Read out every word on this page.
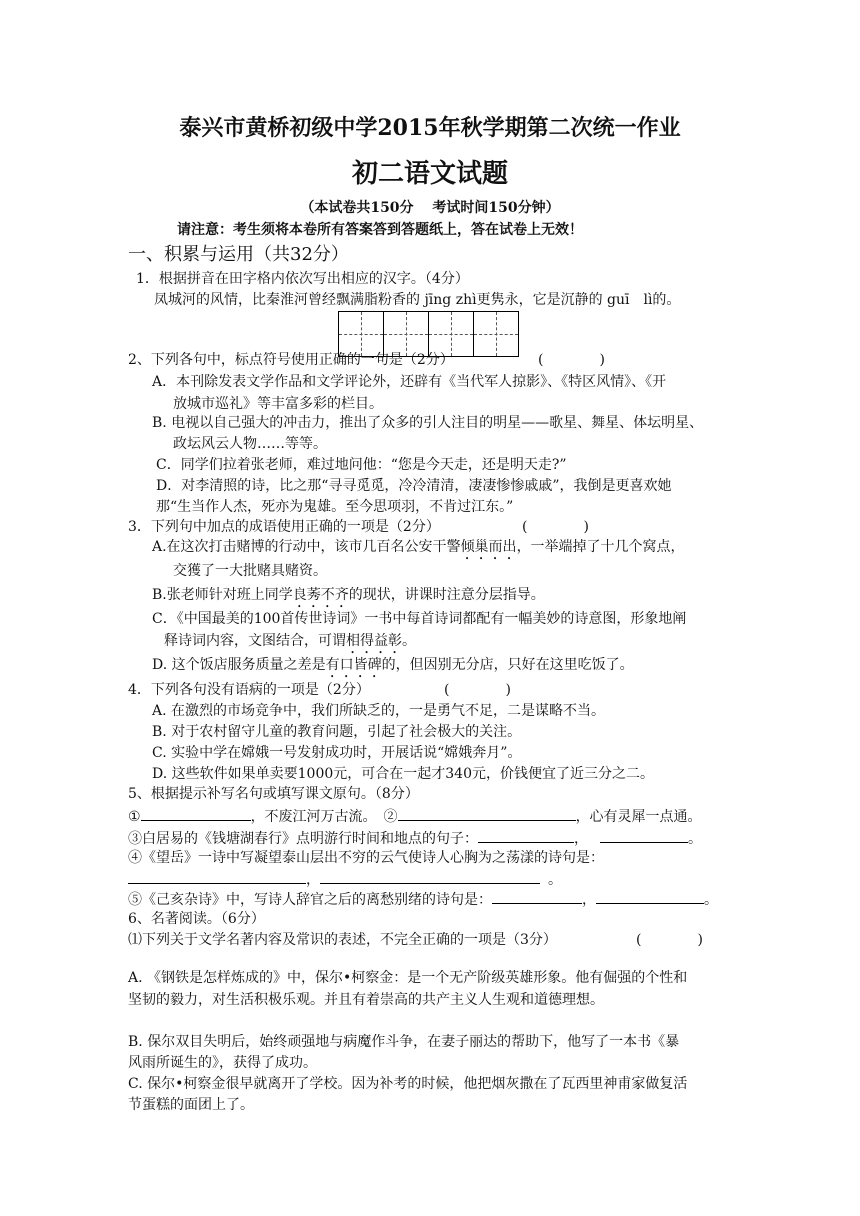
泰兴市黄桥初级中学2015年秋学期第二次统一作业
初二语文试题
（本试卷共150分　 考试时间150分钟）
请注意：考生须将本卷所有答案答到答题纸上，答在试卷上无效！
一、积累与运用（共32分）
1．根据拼音在田字格内依次写出相应的汉字。（4分）
凤城河的风情，比秦淮河曾经飘满脂粉香的 jīng zhì更隽永，它是沉静的 guī　lì的。
2、下列各句中，标点符号使用正确的一句是（2分）	(　　　　)
A．本刊除发表文学作品和文学评论外，还辟有《当代军人掠影》、《特区风情》、《开
放城市巡礼》等丰富多彩的栏目。
B. 电视以自己强大的冲击力，推出了众多的引人注目的明星——歌星、舞星、体坛明星、
政坛风云人物……等等。
C．同学们拉着张老师，难过地问他：“您是今天走，还是明天走?”
D．对李清照的诗，比之那“寻寻觅觅，冷冷清清，凄凄惨惨戚戚”，我倒是更喜欢她
那“生当作人杰，死亦为鬼雄。至今思项羽，不肯过江东。”
3．下列句中加点的成语使用正确的一项是（2分）	(　　　　)
A.在这次打击赌博的行动中，该市几百名公安干警倾巢而出，一举端掉了十几个窝点，
交獲了一大批赌具赌资。
B.张老师针对班上同学良莠不齐的现状，讲课时注意分层指导。
C．《中国最美的100首传世诗词》一书中每首诗词都配有一幅美妙的诗意图，形象地阐
释诗词内容，文图结合，可谓相得益彰。
D. 这个饭店服务质量之差是有口皆碑的，但因别无分店，只好在这里吃饭了。
4．下列各句没有语病的一项是（2分）	(　　　　)
A. 在激烈的市场竞争中，我们所缺乏的，一是勇气不足，二是谋略不当。
B. 对于农村留守儿童的教育问题，引起了社会极大的关注。
C. 实验中学在嫦娥一号发射成功时，开展话说“嫦娥奔月”。
D. 这些软件如果单卖要1000元，可合在一起才340元，价钱便宜了近三分之二。
5、根据提示补写名句或填写课文原句。（8分）
①	，不废江河万古流。　②	，心有灵犀一点通。
③白居易的《钱塘湖春行》点明游行时间和地点的句子：	，	。
④《望岳》一诗中写凝望泰山层出不穷的云气使诗人心胸为之荡漾的诗句是：
，	。
⑤《己亥杂诗》中，写诗人辞官之后的离愁别绪的诗句是：	，	。
6、名著阅读。（6分）
⑴下列关于文学名著内容及常识的表述，不完全正确的一项是（3分）	(　　　　)
A. 《钢铁是怎样炼成的》中，保尔•柯察金：是一个无产阶级英雄形象。他有倔强的个性和
坚韧的毅力，对生活积极乐观。并且有着崇高的共产主义人生观和道德理想。
B. 保尔双目失明后，始终顽强地与病魔作斗争，在妻子丽达的帮助下，他写了一本书《暴
风雨所诞生的》，获得了成功。
C. 保尔•柯察金很早就离开了学校。因为补考的时候，他把烟灰撒在了瓦西里神甫家做复活
节蛋糕的面团上了。
